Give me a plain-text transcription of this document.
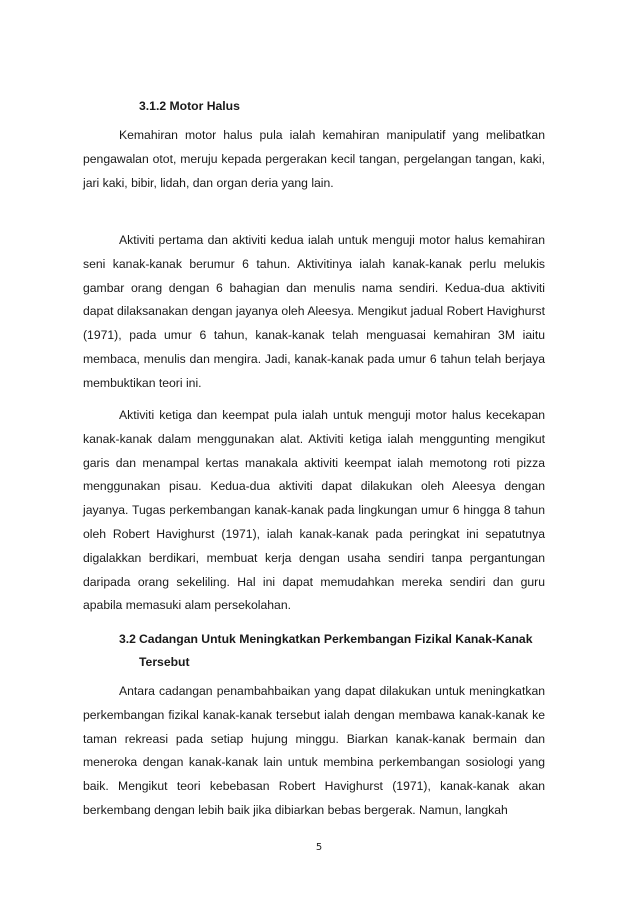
3.1.2 Motor Halus

Kemahiran motor halus pula ialah kemahiran manipulatif yang melibatkan pengawalan otot, meruju kepada pergerakan kecil tangan, pergelangan tangan, kaki, jari kaki, bibir, lidah, dan organ deria yang lain.

Aktiviti pertama dan aktiviti kedua ialah untuk menguji motor halus kemahiran seni kanak-kanak berumur 6 tahun. Aktivitinya ialah kanak-kanak perlu melukis gambar orang dengan 6 bahagian dan menulis nama sendiri. Kedua-dua aktiviti dapat dilaksanakan dengan jayanya oleh Aleesya. Mengikut jadual Robert Havighurst (1971), pada umur 6 tahun, kanak-kanak telah menguasai kemahiran 3M iaitu membaca, menulis dan mengira. Jadi, kanak-kanak pada umur 6 tahun telah berjaya membuktikan teori ini.

Aktiviti ketiga dan keempat pula ialah untuk menguji motor halus kecekapan kanak-kanak dalam menggunakan alat. Aktiviti ketiga ialah menggunting mengikut garis dan menampal kertas manakala aktiviti keempat ialah memotong roti pizza menggunakan pisau. Kedua-dua aktiviti dapat dilakukan oleh Aleesya dengan jayanya. Tugas perkembangan kanak-kanak pada lingkungan umur 6 hingga 8 tahun oleh Robert Havighurst (1971), ialah kanak-kanak pada peringkat ini sepatutnya digalakkan berdikari, membuat kerja dengan usaha sendiri tanpa pergantungan daripada orang sekeliling. Hal ini dapat memudahkan mereka sendiri dan guru apabila memasuki alam persekolahan.

3.2 Cadangan Untuk Meningkatkan Perkembangan Fizikal Kanak-Kanak
Tersebut

Antara cadangan penambahbaikan yang dapat dilakukan untuk meningkatkan perkembangan fizikal kanak-kanak tersebut ialah dengan membawa kanak-kanak ke taman rekreasi pada setiap hujung minggu. Biarkan kanak-kanak bermain dan meneroka dengan kanak-kanak lain untuk membina perkembangan sosiologi yang baik. Mengikut teori kebebasan Robert Havighurst (1971), kanak-kanak akan berkembang dengan lebih baik jika dibiarkan bebas bergerak. Namun, langkah

5
